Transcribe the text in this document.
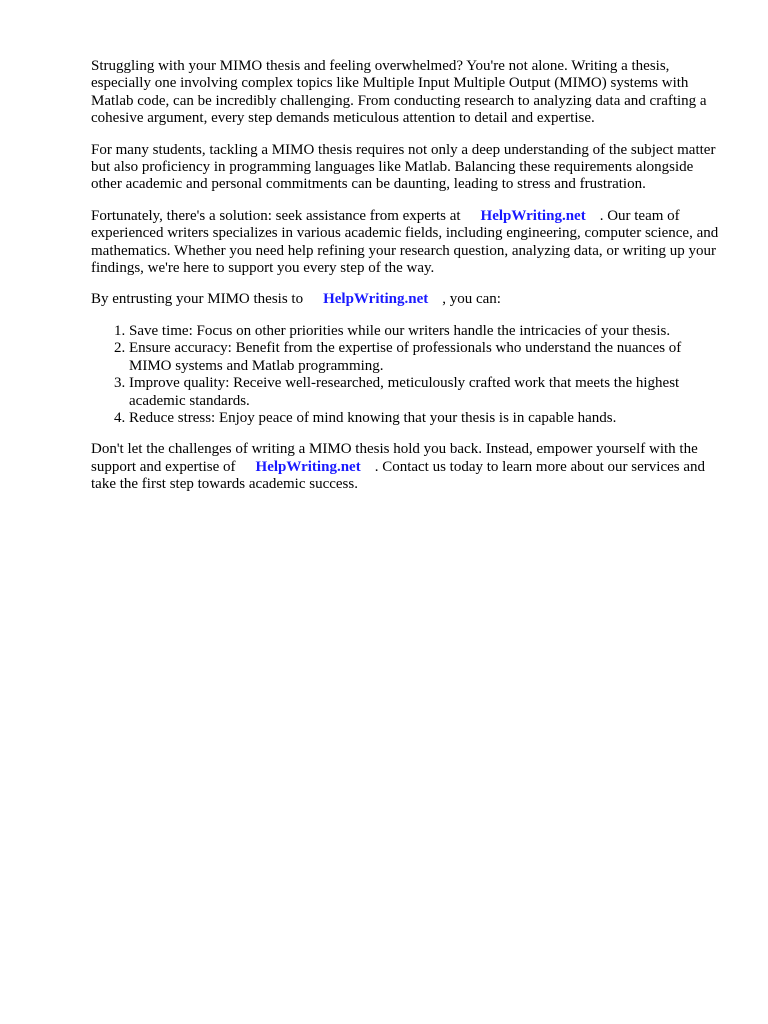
Struggling with your MIMO thesis and feeling overwhelmed? You're not alone. Writing a thesis, especially one involving complex topics like Multiple Input Multiple Output (MIMO) systems with Matlab code, can be incredibly challenging. From conducting research to analyzing data and crafting a cohesive argument, every step demands meticulous attention to detail and expertise.

For many students, tackling a MIMO thesis requires not only a deep understanding of the subject matter but also proficiency in programming languages like Matlab. Balancing these requirements alongside other academic and personal commitments can be daunting, leading to stress and frustration.

Fortunately, there's a solution: seek assistance from experts at HelpWriting.net . Our team of experienced writers specializes in various academic fields, including engineering, computer science, and mathematics. Whether you need help refining your research question, analyzing data, or writing up your findings, we're here to support you every step of the way.

By entrusting your MIMO thesis to HelpWriting.net , you can:

1. Save time: Focus on other priorities while our writers handle the intricacies of your thesis.
2. Ensure accuracy: Benefit from the expertise of professionals who understand the nuances of MIMO systems and Matlab programming.
3. Improve quality: Receive well-researched, meticulously crafted work that meets the highest academic standards.
4. Reduce stress: Enjoy peace of mind knowing that your thesis is in capable hands.

Don't let the challenges of writing a MIMO thesis hold you back. Instead, empower yourself with the support and expertise of HelpWriting.net . Contact us today to learn more about our services and take the first step towards academic success.
